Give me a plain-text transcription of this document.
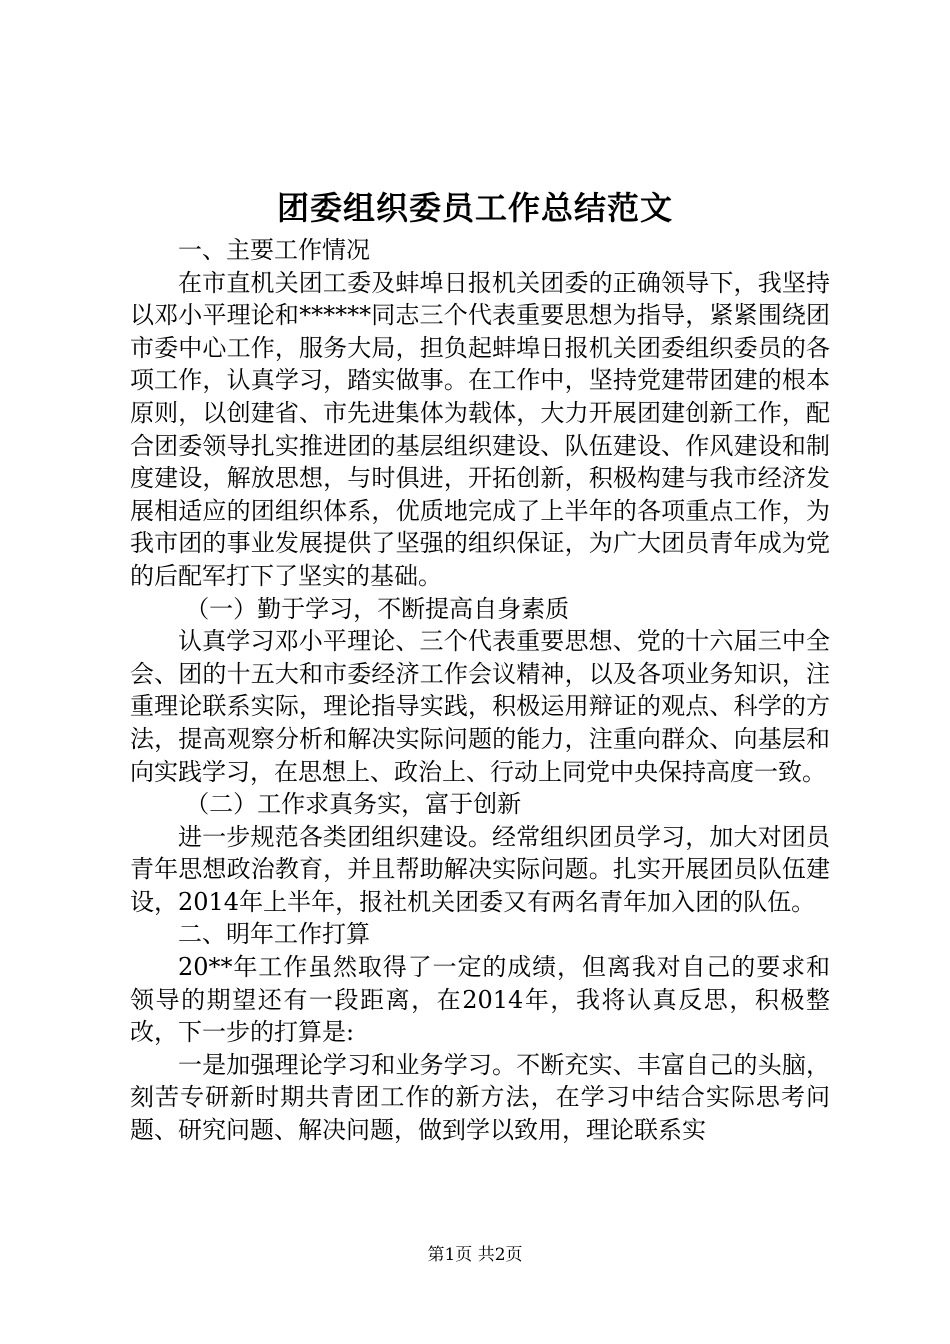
团委组织委员工作总结范文

一、主要工作情况

在市直机关团工委及蚌埠日报机关团委的正确领导下，我坚持以邓小平理论和******同志三个代表重要思想为指导，紧紧围绕团市委中心工作，服务大局，担负起蚌埠日报机关团委组织委员的各项工作，认真学习，踏实做事。在工作中，坚持党建带团建的根本原则，以创建省、市先进集体为载体，大力开展团建创新工作，配合团委领导扎实推进团的基层组织建设、队伍建设、作风建设和制度建设，解放思想，与时俱进，开拓创新，积极构建与我市经济发展相适应的团组织体系，优质地完成了上半年的各项重点工作，为我市团的事业发展提供了坚强的组织保证，为广大团员青年成为党的后配军打下了坚实的基础。

（一）勤于学习，不断提高自身素质

认真学习邓小平理论、三个代表重要思想、党的十六届三中全会、团的十五大和市委经济工作会议精神，以及各项业务知识，注重理论联系实际，理论指导实践，积极运用辩证的观点、科学的方法，提高观察分析和解决实际问题的能力，注重向群众、向基层和向实践学习，在思想上、政治上、行动上同党中央保持高度一致。

（二）工作求真务实，富于创新

进一步规范各类团组织建设。经常组织团员学习，加大对团员青年思想政治教育，并且帮助解决实际问题。扎实开展团员队伍建设，2014年上半年，报社机关团委又有两名青年加入团的队伍。

二、明年工作打算

20**年工作虽然取得了一定的成绩，但离我对自己的要求和领导的期望还有一段距离，在2014年，我将认真反思，积极整改，下一步的打算是:

一是加强理论学习和业务学习。不断充实、丰富自己的头脑，刻苦专研新时期共青团工作的新方法，在学习中结合实际思考问题、研究问题、解决问题，做到学以致用，理论联系实

第1页 共2页
